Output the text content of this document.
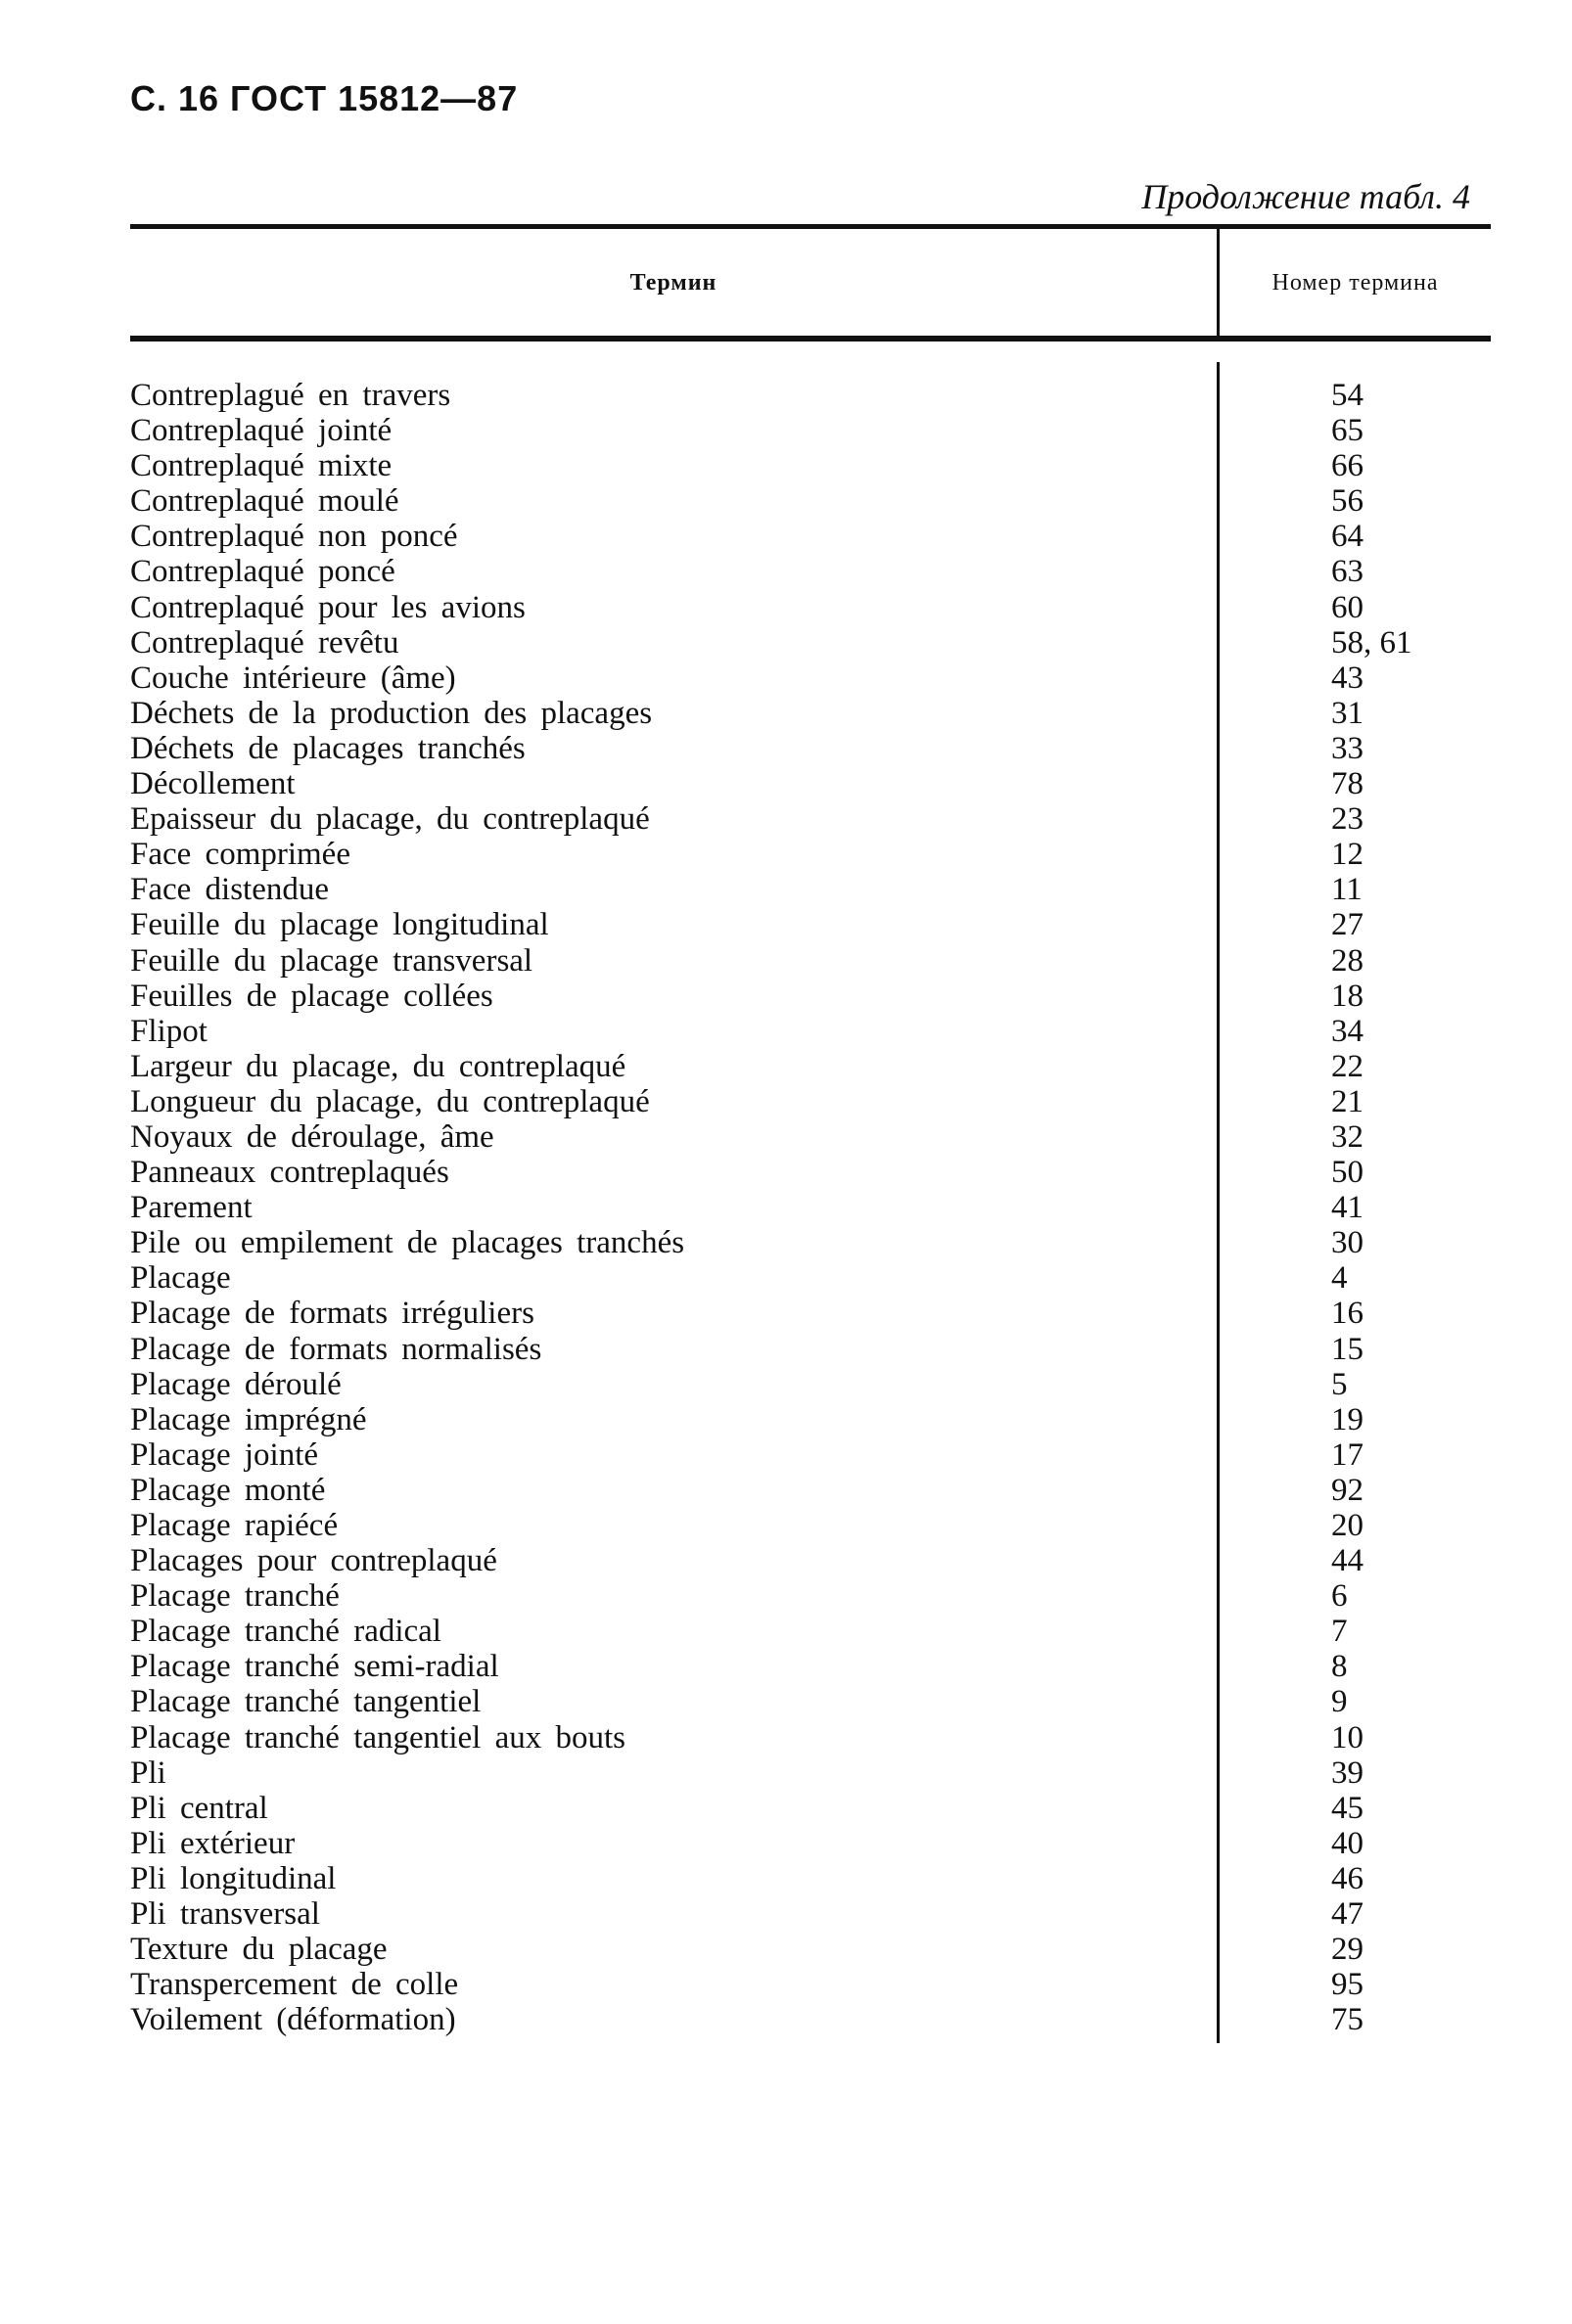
С. 16 ГОСТ 15812—87
Продолжение табл. 4
Термин	Номер термина
Contreplagué en travers	54
Contreplaqué jointé	65
Contreplaqué mixte	66
Contreplaqué moulé	56
Contreplaqué non poncé	64
Contreplaqué poncé	63
Contreplaqué pour les avions	60
Contreplaqué revêtu	58, 61
Couche intérieure (âme)	43
Déchets de la production des placages	31
Déchets de placages tranchés	33
Décollement	78
Epaisseur du placage, du contreplaqué	23
Face comprimée	12
Face distendue	11
Feuille du placage longitudinal	27
Feuille du placage transversal	28
Feuilles de placage collées	18
Flipot	34
Largeur du placage, du contreplaqué	22
Longueur du placage, du contreplaqué	21
Noyaux de déroulage, âme	32
Panneaux contreplaqués	50
Parement	41
Pile ou empilement de placages tranchés	30
Placage	4
Placage de formats irréguliers	16
Placage de formats normalisés	15
Placage déroulé	5
Placage imprégné	19
Placage jointé	17
Placage monté	92
Placage rapiécé	20
Placages pour contreplaqué	44
Placage tranché	6
Placage tranché radical	7
Placage tranché semi-radial	8
Placage tranché tangentiel	9
Placage tranché tangentiel aux bouts	10
Pli	39
Pli central	45
Pli extérieur	40
Pli longitudinal	46
Pli transversal	47
Texture du placage	29
Transpercement de colle	95
Voilement (déformation)	75
